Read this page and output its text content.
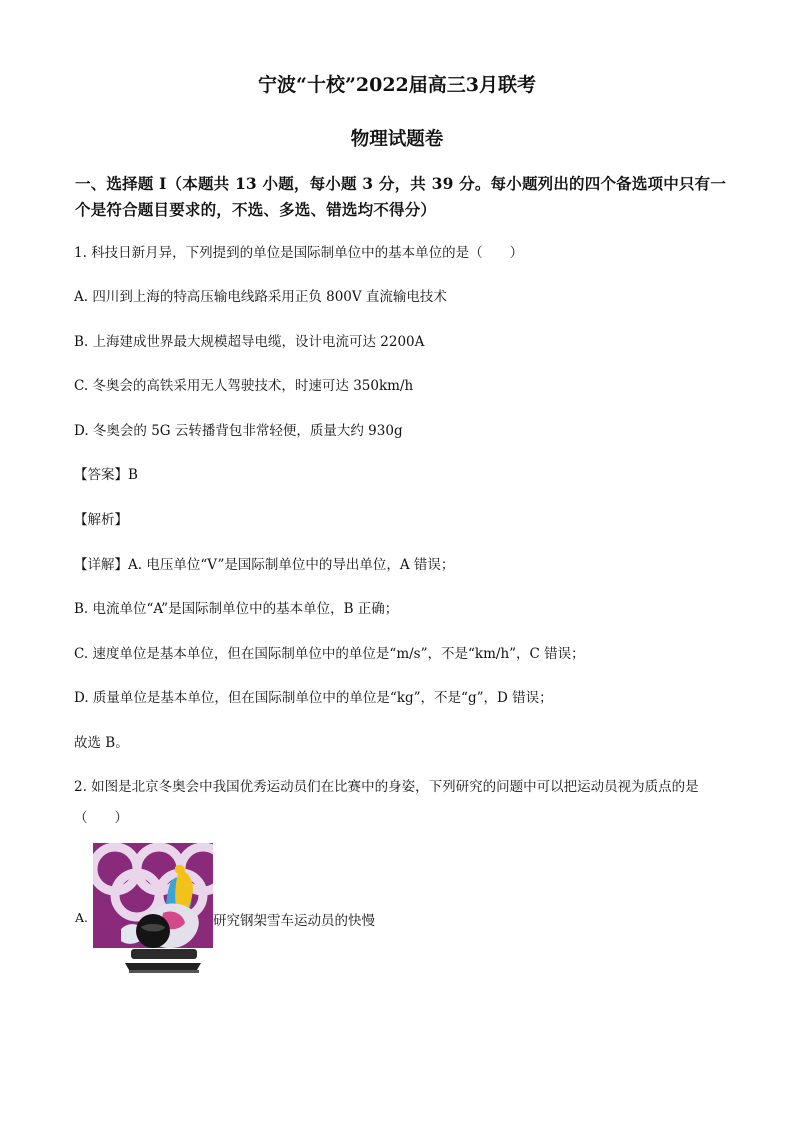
宁波“十校”2022届高三3月联考
物理试题卷
一、选择题 I（本题共 13 小题，每小题 3 分，共 39 分。每小题列出的四个备选项中只有一
个是符合题目要求的，不选、多选、错选均不得分）
1. 科技日新月异，下列提到的单位是国际制单位中的基本单位的是（　　）
A. 四川到上海的特高压输电线路采用正负 800V 直流输电技术
B. 上海建成世界最大规模超导电缆，设计电流可达 2200A
C. 冬奥会的高铁采用无人驾驶技术，时速可达 350km/h
D. 冬奥会的 5G 云转播背包非常轻便，质量大约 930g
【答案】B
【解析】
【详解】A. 电压单位“V”是国际制单位中的导出单位，A 错误；
B. 电流单位“A”是国际制单位中的基本单位，B 正确；
C. 速度单位是基本单位，但在国际制单位中的单位是“m/s”，不是“km/h”，C 错误；
D. 质量单位是基本单位，但在国际制单位中的单位是“kg”，不是“g”，D 错误；
故选 B。
2. 如图是北京冬奥会中我国优秀运动员们在比赛中的身姿，下列研究的问题中可以把运动员视为质点的是
（　　）
A.	研究钢架雪车运动员的快慢
